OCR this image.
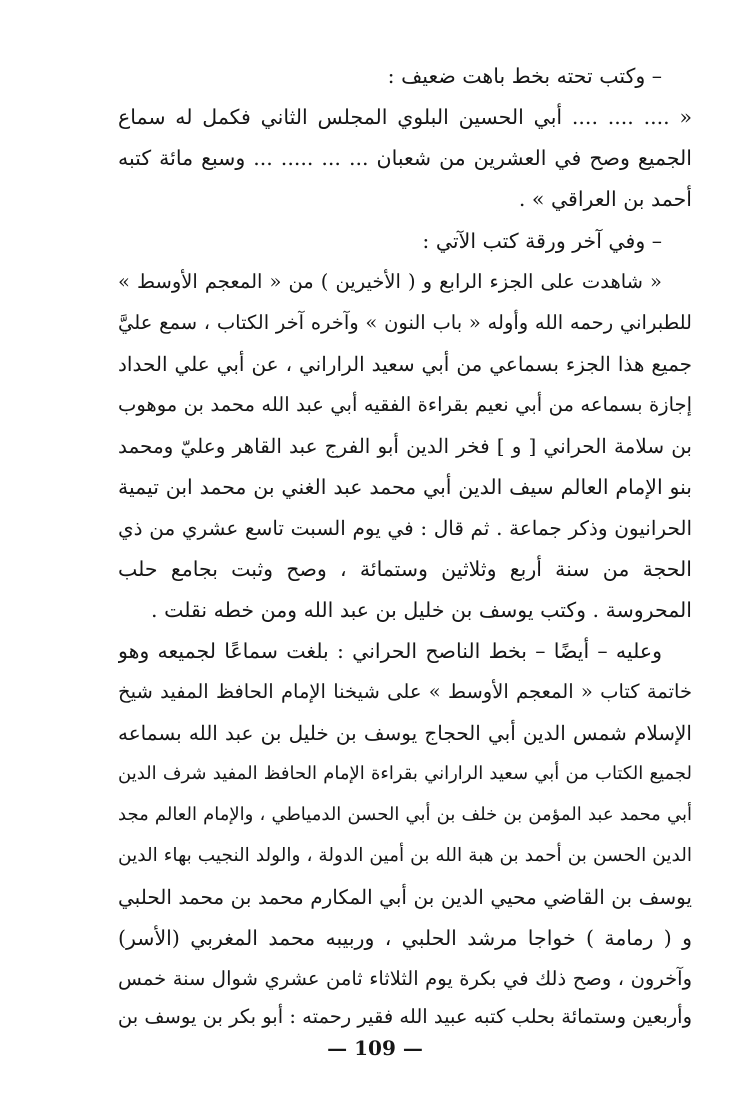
– وكتب تحته بخط باهت ضعيف :
« .... .... .... أبي الحسين البلوي المجلس الثاني فكمل له سماع
الجميع وصح في العشرين من شعبان ... ... ..... ... وسبع مائة كتبه
أحمد بن العراقي » .
– وفي آخر ورقة كتب الآتي :
« شاهدت على الجزء الرابع و ( الأخيرين ) من « المعجم الأوسط »
للطبراني رحمه الله وأوله « باب النون » وآخره آخر الكتاب ، سمع عليَّ
جميع هذا الجزء بسماعي من أبي سعيد الراراني ، عن أبي علي الحداد
إجازة بسماعه من أبي نعيم بقراءة الفقيه أبي عبد الله محمد بن موهوب
بن سلامة الحراني [ و ] فخر الدين أبو الفرج عبد القاهر وعليّ ومحمد
بنو الإمام العالم سيف الدين أبي محمد عبد الغني بن محمد ابن تيمية
الحرانيون وذكر جماعة . ثم قال : في يوم السبت تاسع عشري من ذي
الحجة من سنة أربع وثلاثين وستمائة ، وصح وثبت بجامع حلب
المحروسة . وكتب يوسف بن خليل بن عبد الله ومن خطه نقلت .
وعليه – أيضًا – بخط الناصح الحراني : بلغت سماعًا لجميعه وهو
خاتمة كتاب « المعجم الأوسط » على شيخنا الإمام الحافظ المفيد شيخ
الإسلام شمس الدين أبي الحجاج يوسف بن خليل بن عبد الله بسماعه
لجميع الكتاب من أبي سعيد الراراني بقراءة الإمام الحافظ المفيد شرف الدين
أبي محمد عبد المؤمن بن خلف بن أبي الحسن الدمياطي ، والإمام العالم مجد
الدين الحسن بن أحمد بن هبة الله بن أمين الدولة ، والولد النجيب بهاء الدين
يوسف بن القاضي محيي الدين بن أبي المكارم محمد بن محمد الحلبي
و ( رمامة ) خواجا مرشد الحلبي ، وربيبه محمد المغربي (الأسر)
وآخرون ، وصح ذلك في بكرة يوم الثلاثاء ثامن عشري شوال سنة خمس
وأربعين وستمائة بحلب كتبه عبيد الله فقير رحمته : أبو بكر بن يوسف بن
— 109 —
